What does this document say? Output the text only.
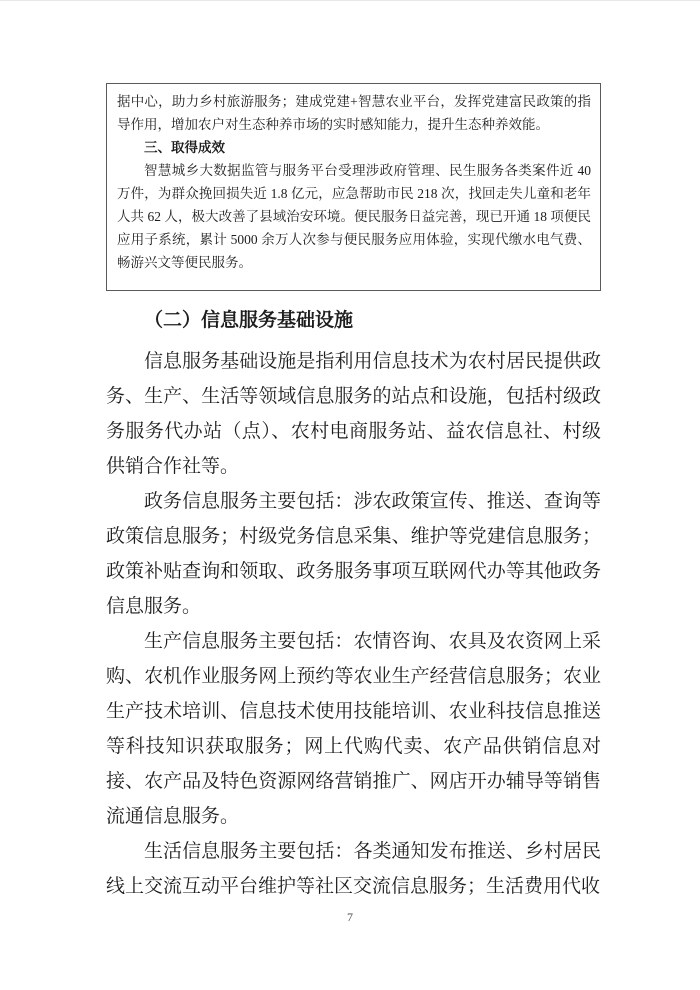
据中心，助力乡村旅游服务；建成党建+智慧农业平台，发挥党建富民政策的指导作用，增加农户对生态种养市场的实时感知能力，提升生态种养效能。

三、取得成效

智慧城乡大数据监管与服务平台受理涉政府管理、民生服务各类案件近 40 万件，为群众挽回损失近 1.8 亿元，应急帮助市民 218 次，找回走失儿童和老年人共 62 人，极大改善了县域治安环境。便民服务日益完善，现已开通 18 项便民应用子系统，累计 5000 余万人次参与便民服务应用体验，实现代缴水电气费、畅游兴文等便民服务。

（二）信息服务基础设施

信息服务基础设施是指利用信息技术为农村居民提供政务、生产、生活等领域信息服务的站点和设施，包括村级政务服务代办站（点）、农村电商服务站、益农信息社、村级供销合作社等。

政务信息服务主要包括：涉农政策宣传、推送、查询等政策信息服务；村级党务信息采集、维护等党建信息服务；政策补贴查询和领取、政务服务事项互联网代办等其他政务信息服务。

生产信息服务主要包括：农情咨询、农具及农资网上采购、农机作业服务网上预约等农业生产经营信息服务；农业生产技术培训、信息技术使用技能培训、农业科技信息推送等科技知识获取服务；网上代购代卖、农产品供销信息对接、农产品及特色资源网络营销推广、网店开办辅导等销售流通信息服务。

生活信息服务主要包括：各类通知发布推送、乡村居民线上交流互动平台维护等社区交流信息服务；生活费用代收

7
